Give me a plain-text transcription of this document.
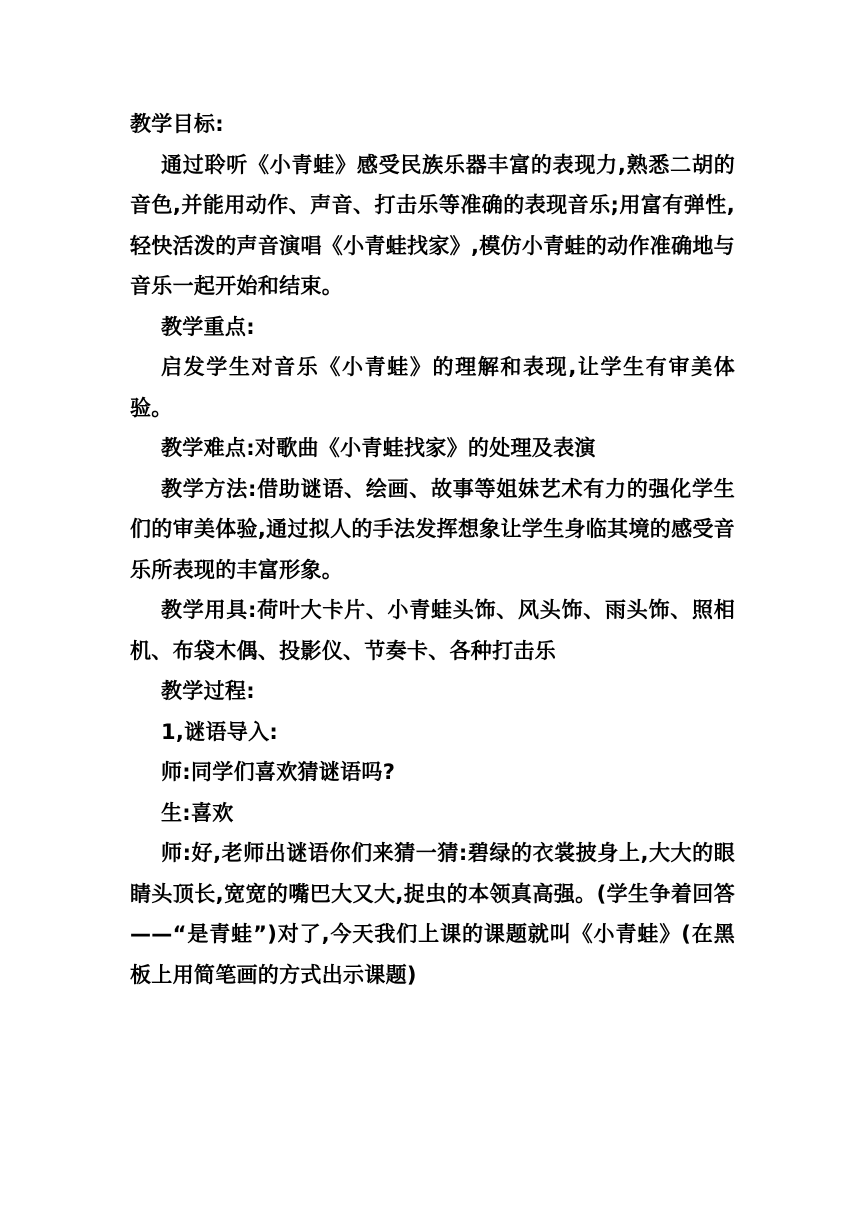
教学目标:

通过聆听《小青蛙》感受民族乐器丰富的表现力,熟悉二胡的音色,并能用动作、声音、打击乐等准确的表现音乐;用富有弹性,轻快活泼的声音演唱《小青蛙找家》,模仿小青蛙的动作准确地与音乐一起开始和结束。

教学重点:

启发学生对音乐《小青蛙》的理解和表现,让学生有审美体验。

教学难点:对歌曲《小青蛙找家》的处理及表演

教学方法:借助谜语、绘画、故事等姐妹艺术有力的强化学生们的审美体验,通过拟人的手法发挥想象让学生身临其境的感受音乐所表现的丰富形象。

教学用具:荷叶大卡片、小青蛙头饰、风头饰、雨头饰、照相机、布袋木偶、投影仪、节奏卡、各种打击乐

教学过程:

1,谜语导入:

师:同学们喜欢猜谜语吗?

生:喜欢

师:好,老师出谜语你们来猜一猜:碧绿的衣裳披身上,大大的眼睛头顶长,宽宽的嘴巴大又大,捉虫的本领真高强。(学生争着回答——“是青蛙”)对了,今天我们上课的课题就叫《小青蛙》(在黑板上用简笔画的方式出示课题)
